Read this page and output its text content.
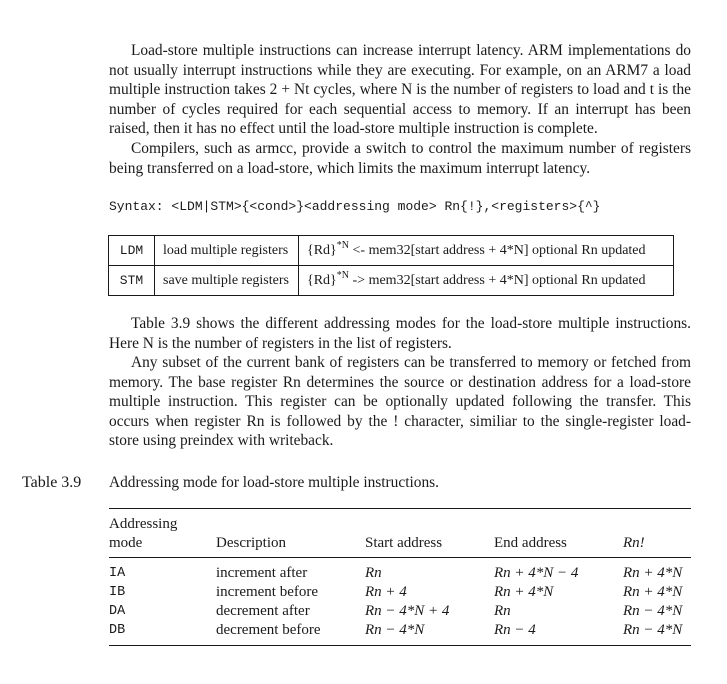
Load-store multiple instructions can increase interrupt latency. ARM implementations do not usually interrupt instructions while they are executing. For example, on an ARM7 a load multiple instruction takes 2 + Nt cycles, where N is the number of registers to load and t is the number of cycles required for each sequential access to memory. If an interrupt has been raised, then it has no effect until the load-store multiple instruction is complete.

Compilers, such as armcc, provide a switch to control the maximum number of registers being transferred on a load-store, which limits the maximum interrupt latency.

Syntax: <LDM|STM>{<cond>}<addressing mode> Rn{!},<registers>{^}
LDM	load multiple registers	$\{Rd\}^{*N}$ <- mem32[start address + 4*N] optional Rn updated
STM	save multiple registers	$\{Rd\}^{*N}$ -> mem32[start address + 4*N] optional Rn updated

Table 3.9 shows the different addressing modes for the load-store multiple instructions. Here N is the number of registers in the list of registers.

Any subset of the current bank of registers can be transferred to memory or fetched from memory. The base register Rn determines the source or destination address for a load-store multiple instruction. This register can be optionally updated following the transfer. This occurs when register Rn is followed by the ! character, similiar to the single-register load-store using preindex with writeback.

Table 3.9 Addressing mode for load-store multiple instructions.
Addressing
mode	Description	Start address	End address	Rn!
IA	increment after	Rn	Rn + 4*N − 4	Rn + 4*N
IB	increment before	Rn + 4	Rn + 4*N	Rn + 4*N
DA	decrement after	Rn − 4*N + 4	Rn	Rn − 4*N
DB	decrement before	Rn − 4*N	Rn − 4	Rn − 4*N
